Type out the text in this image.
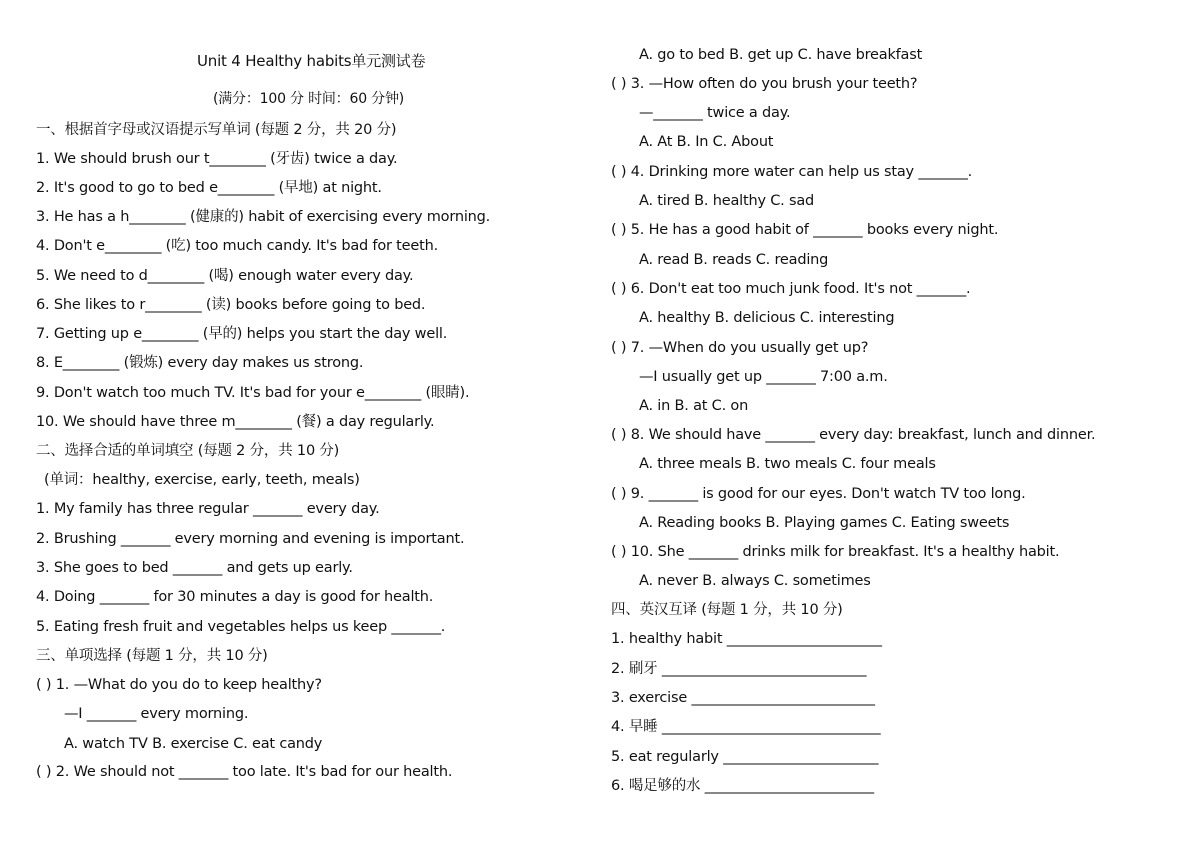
Unit 4 Healthy habits单元测试卷
(满分：100 分 时间：60 分钟)
一、根据首字母或汉语提示写单词 (每题 2 分，共 20 分)
1. We should brush our t________ (牙齿) twice a day.
2. It's good to go to bed e________ (早地) at night.
3. He has a h________ (健康的) habit of exercising every morning.
4. Don't e________ (吃) too much candy. It's bad for teeth.
5. We need to d________ (喝) enough water every day.
6. She likes to r________ (读) books before going to bed.
7. Getting up e________ (早的) helps you start the day well.
8. E________ (锻炼) every day makes us strong.
9. Don't watch too much TV. It's bad for your e________ (眼睛).
10. We should have three m________ (餐) a day regularly.
二、选择合适的单词填空 (每题 2 分，共 10 分)
(单词：healthy, exercise, early, teeth, meals)
1. My family has three regular _______ every day.
2. Brushing _______ every morning and evening is important.
3. She goes to bed _______ and gets up early.
4. Doing _______ for 30 minutes a day is good for health.
5. Eating fresh fruit and vegetables helps us keep _______.
三、单项选择 (每题 1 分，共 10 分)
( ) 1. —What do you do to keep healthy?
—I _______ every morning.
A. watch TV B. exercise C. eat candy
( ) 2. We should not _______ too late. It's bad for our health.
A. go to bed B. get up C. have breakfast
( ) 3. —How often do you brush your teeth?
—_______ twice a day.
A. At B. In C. About
( ) 4. Drinking more water can help us stay _______.
A. tired B. healthy C. sad
( ) 5. He has a good habit of _______ books every night.
A. read B. reads C. reading
( ) 6. Don't eat too much junk food. It's not _______.
A. healthy B. delicious C. interesting
( ) 7. —When do you usually get up?
—I usually get up _______ 7:00 a.m.
A. in B. at C. on
( ) 8. We should have _______ every day: breakfast, lunch and dinner.
A. three meals B. two meals C. four meals
( ) 9. _______ is good for our eyes. Don't watch TV too long.
A. Reading books B. Playing games C. Eating sweets
( ) 10. She _______ drinks milk for breakfast. It's a healthy habit.
A. never B. always C. sometimes
四、英汉互译 (每题 1 分，共 10 分)
1. healthy habit ______________________
2. 刷牙 _____________________________
3. exercise __________________________
4. 早睡 _______________________________
5. eat regularly ______________________
6. 喝足够的水 ________________________
